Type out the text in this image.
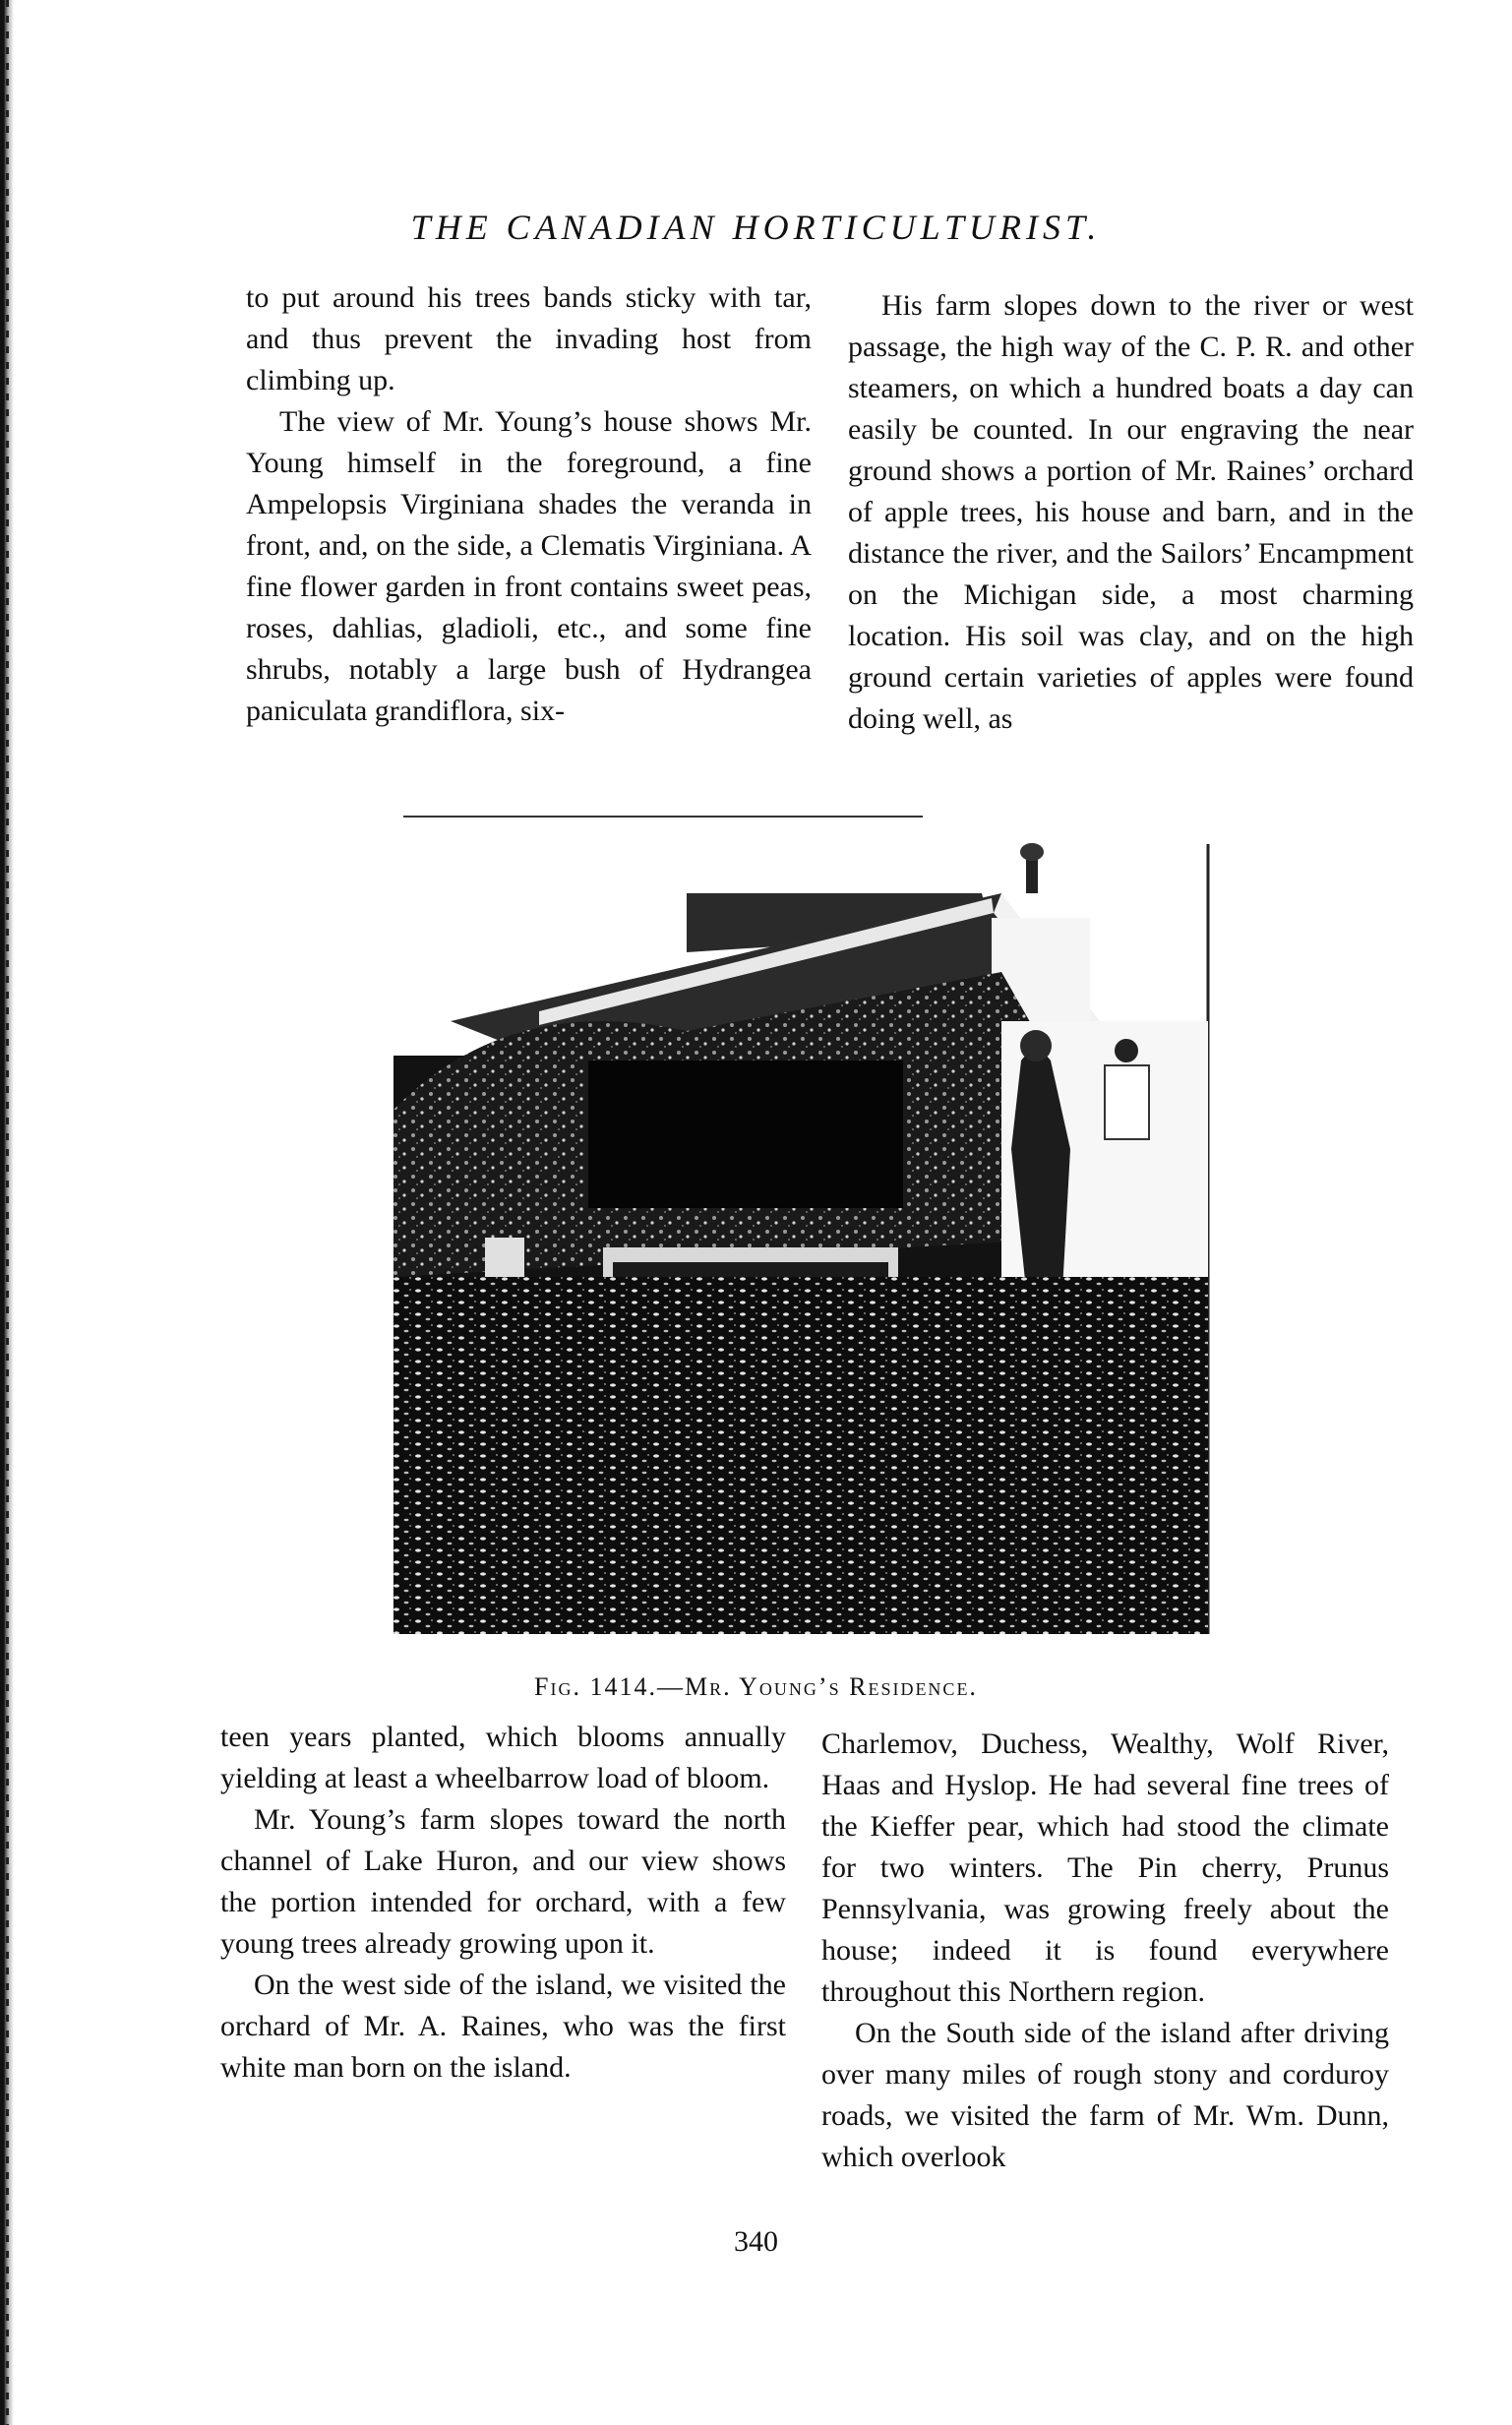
THE CANADIAN HORTICULTURIST.

to put around his trees bands sticky with tar, and thus prevent the invading host from climbing up.

The view of Mr. Young’s house shows Mr. Young himself in the foreground, a fine Ampelopsis Virginiana shades the veranda in front, and, on the side, a Clematis Virginiana. A fine flower garden in front contains sweet peas, roses, dahlias, gladioli, etc., and some fine shrubs, notably a large bush of Hydrangea paniculata grandiflora, six-

His farm slopes down to the river or west passage, the high way of the C. P. R. and other steamers, on which a hundred boats a day can easily be counted. In our engraving the near ground shows a portion of Mr. Raines’ orchard of apple trees, his house and barn, and in the distance the river, and the Sailors’ Encampment on the Michigan side, a most charming location. His soil was clay, and on the high ground certain varieties of apples were found doing well, as

Fig. 1414.—Mr. Young’s Residence.

teen years planted, which blooms annually yielding at least a wheelbarrow load of bloom.

Mr. Young’s farm slopes toward the north channel of Lake Huron, and our view shows the portion intended for orchard, with a few young trees already growing upon it.

On the west side of the island, we visited the orchard of Mr. A. Raines, who was the first white man born on the island.

Charlemov, Duchess, Wealthy, Wolf River, Haas and Hyslop. He had several fine trees of the Kieffer pear, which had stood the climate for two winters. The Pin cherry, Prunus Pennsylvania, was growing freely about the house; indeed it is found everywhere throughout this Northern region.

On the South side of the island after driving over many miles of rough stony and corduroy roads, we visited the farm of Mr. Wm. Dunn, which overlook

340
